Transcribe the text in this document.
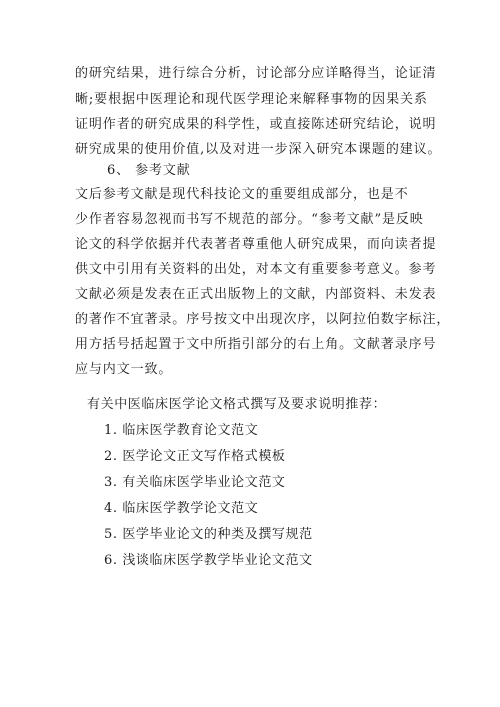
的研究结果，进行综合分析，讨论部分应详略得当，论证清
晰;要根据中医理论和现代医学理论来解释事物的因果关系
证明作者的研究成果的科学性，或直接陈述研究结论，说明
研究成果的使用价值,以及对进一步深入研究本课题的建议。
6、 参考文献
文后参考文献是现代科技论文的重要组成部分，也是不
少作者容易忽视而书写不规范的部分。“参考文献”是反映
论文的科学依据并代表著者尊重他人研究成果，而向读者提
供文中引用有关资料的出处，对本文有重要参考意义。参考
文献必须是发表在正式出版物上的文献，内部资料、未发表
的著作不宜著录。序号按文中出现次序，以阿拉伯数字标注，
用方括号括起置于文中所指引部分的右上角。文献著录序号
应与内文一致。
有关中医临床医学论文格式撰写及要求说明推荐：
1. 临床医学教育论文范文
2. 医学论文正文写作格式模板
3. 有关临床医学毕业论文范文
4. 临床医学教学论文范文
5. 医学毕业论文的种类及撰写规范
6. 浅谈临床医学教学毕业论文范文
